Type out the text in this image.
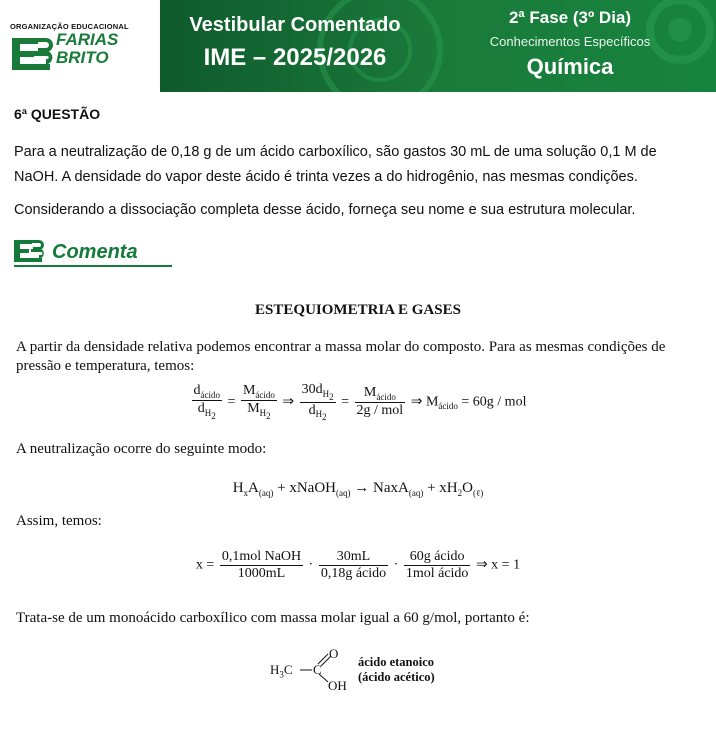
ORGANIZAÇÃO EDUCACIONAL
FARIAS
BRITO
Vestibular Comentado
IME – 2025/2026
2ª Fase (3º Dia)
Conhecimentos Específicos
Química
6ª QUESTÃO

Para a neutralização de 0,18 g de um ácido carboxílico, são gastos 30 mL de uma solução 0,1 M de NaOH. A densidade do vapor deste ácido é trinta vezes a do hidrogênio, nas mesmas condições.

Considerando a dissociação completa desse ácido, forneça seu nome e sua estrutura molecular.

Comenta
ESTEQUIOMETRIA E GASES
A partir da densidade relativa podemos encontrar a massa molar do composto. Para as mesmas condições de pressão e temperatura, temos:
$\frac{d_{ácido}}{d_{H_2}} = \frac{M_{ácido}}{M_{H_2}}$ ⇒ $\frac{30d_{H_2}}{d_{H_2}} = \frac{M_{ácido}}{\text{2g / mol}}$ ⇒ $M_{ácido} = 60g$ / mol
A neutralização ocorre do seguinte modo:
$H_xA_{(aq)}$ + xNaOH$_{(aq)}$ → NaxA$_{(aq)}$ + $xH_2O_{(\ell)}$
Assim, temos:
$x = \frac{\text{0,1mol NaOH}}{1000mL} \cdot \frac{30mL}{\text{0,18g ácido}} \cdot \frac{\text{60g ácido}}{\text{1mol ácido}}$ ⇒ x = 1
Trata-se de um monoácido carboxílico com massa molar igual a 60 g/mol, portanto é:
$H_3C$ C
O
OH
ácido etanoico
(ácido acético)
